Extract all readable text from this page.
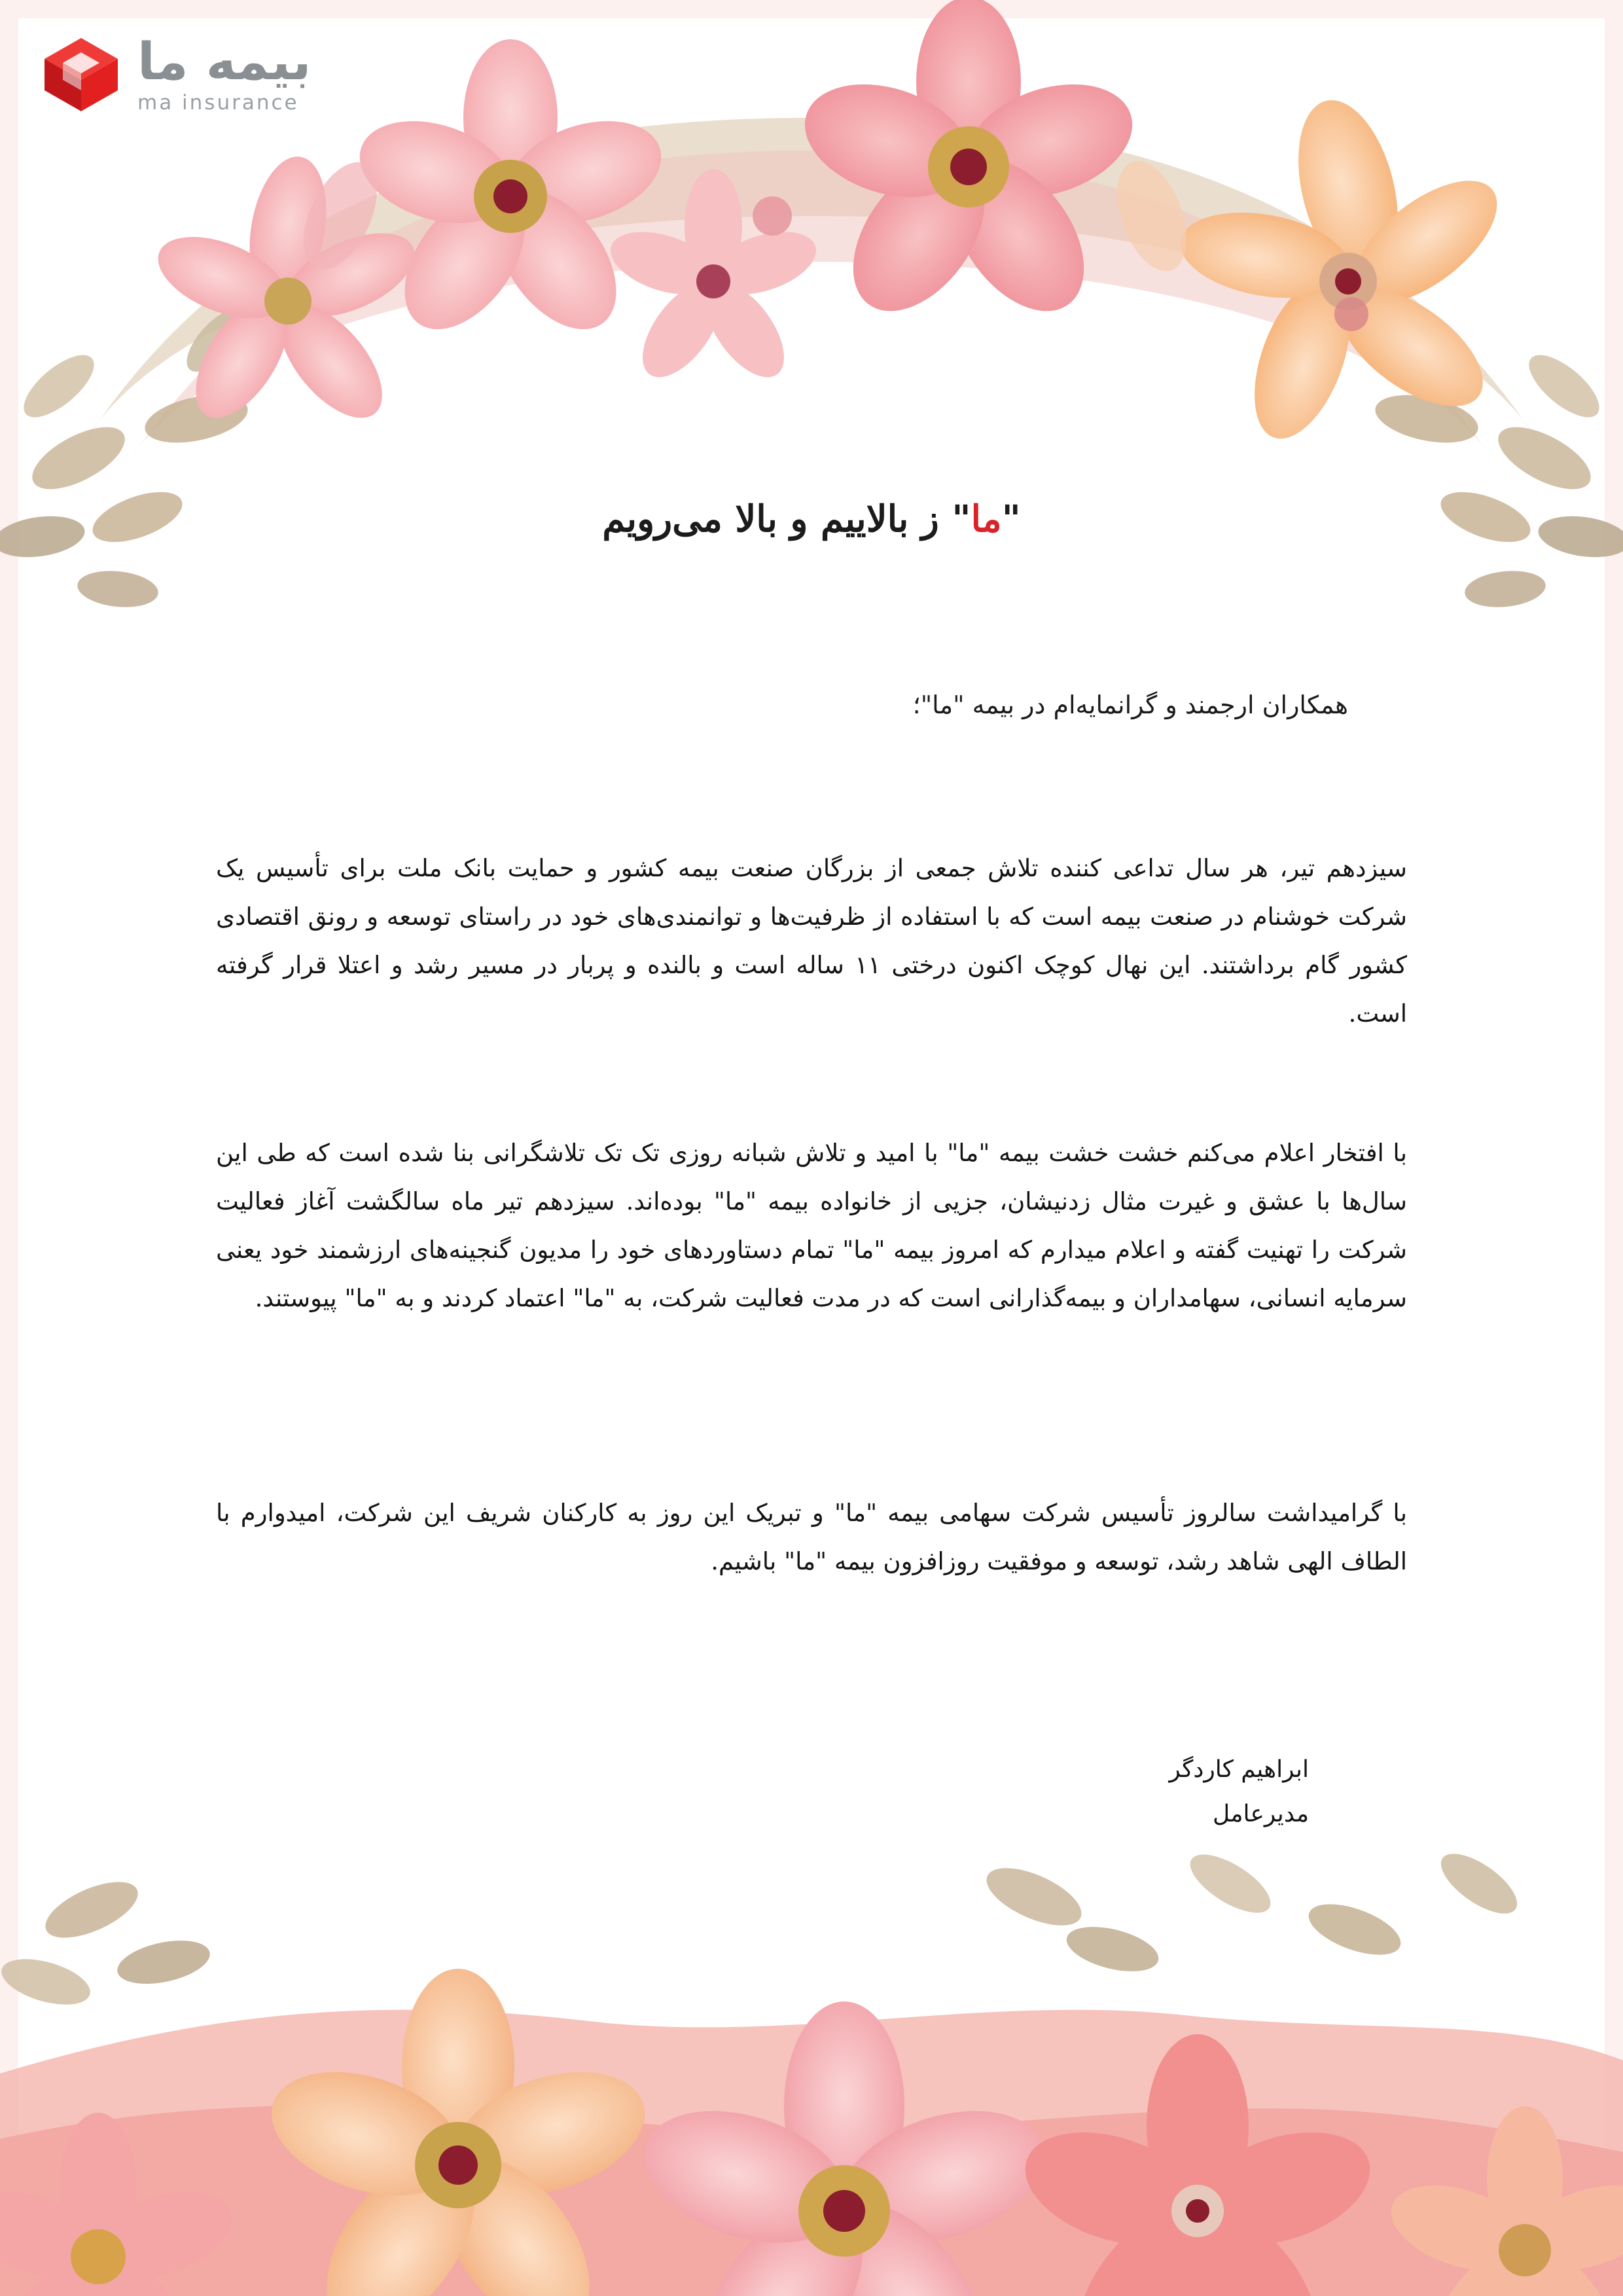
بیمه ما
ma insurance
"ما" ز بالاییم و بالا می‌رویم
همکاران ارجمند و گرانمایه‌ام در بیمه "ما"؛
سیزدهم تیر، هر سال تداعی کننده تلاش جمعی از بزرگان صنعت بیمه کشور و حمایت بانک ملت برای تأسیس یک شرکت خوشنام در صنعت بیمه است که با استفاده از ظرفیت‌ها و توانمندی‌های خود در راستای توسعه و رونق اقتصادی کشور گام برداشتند. این نهال کوچک اکنون درختی ۱۱ ساله است و بالنده و پربار در مسیر رشد و اعتلا قرار گرفته است.
با افتخار اعلام می‌کنم خشت خشت بیمه "ما" با امید و تلاش شبانه روزی تک تک تلاشگرانی بنا شده است که طی این سال‌ها با عشق و غیرت مثال زدنیشان، جزیی از خانواده بیمه "ما" بوده‌اند. سیزدهم تیر ماه سالگشت آغاز فعالیت شرکت را تهنیت گفته و اعلام میدارم که امروز بیمه "ما" تمام دستاوردهای خود را مدیون گنجینه‌های ارزشمند خود یعنی سرمایه انسانی، سهامداران و بیمه‌گذارانی است که در مدت فعالیت شرکت، به "ما" اعتماد کردند و به "ما" پیوستند.
با گرامیداشت سالروز تأسیس شرکت سهامی بیمه "ما" و تبریک این روز به کارکنان شریف این شرکت، امیدوارم با الطاف الهی شاهد رشد، توسعه و موفقیت روزافزون بیمه "ما" باشیم.
ابراهیم کاردگر
مدیرعامل
